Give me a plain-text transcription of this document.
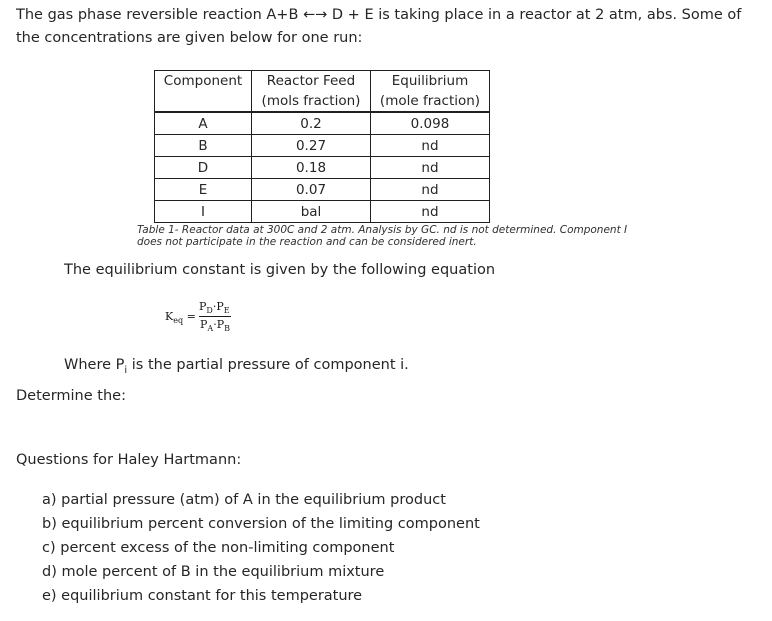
The gas phase reversible reaction A+B ←→ D + E is taking place in a reactor at 2 atm, abs. Some of the concentrations are given below for one run:
Component	Reactor Feed (mols fraction)	Equilibrium (mole fraction)
A	0.2	0.098
B	0.27	nd
D	0.18	nd
E	0.07	nd
I	bal	nd
Table 1- Reactor data at 300C and 2 atm. Analysis by GC. nd is not determined. Component I does not participate in the reaction and can be considered inert.
The equilibrium constant is given by the following equation
$K_{eq}$ =
$P_D\cdot P_E$
$P_A\cdot P_B$
Where $P_i$ is the partial pressure of component i.
Determine the:
Questions for Haley Hartmann:
a) partial pressure (atm) of A in the equilibrium product
b) equilibrium percent conversion of the limiting component
c) percent excess of the non-limiting component
d) mole percent of B in the equilibrium mixture
e) equilibrium constant for this temperature
